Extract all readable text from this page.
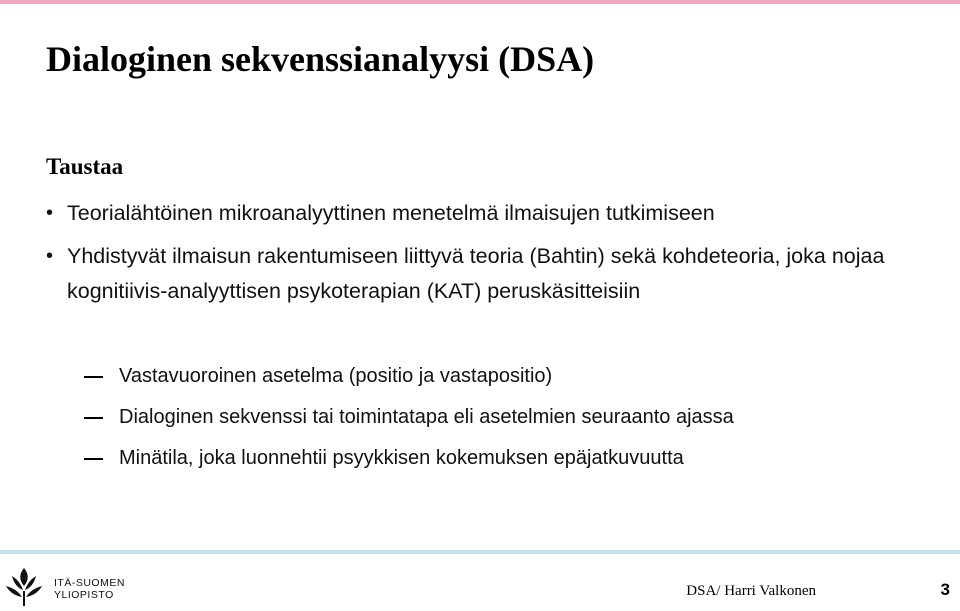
Dialoginen sekvenssianalyysi (DSA)
Taustaa
• Teorialähtöinen mikroanalyyttinen menetelmä ilmaisujen tutkimiseen
• Yhdistyvät ilmaisun rakentumiseen liittyvä teoria (Bahtin) sekä kohdeteoria, joka nojaa kognitiivis-analyyttisen psykoterapian (KAT) peruskäsitteisiin
Vastavuoroinen asetelma (positio ja vastapositio)
Dialoginen sekvenssi tai toimintatapa eli asetelmien seuraanto ajassa
Minätila, joka luonnehtii psyykkisen kokemuksen epäjatkuvuutta
ITÄ-SUOMEN
YLIOPISTO	DSA/ Harri Valkonen	3
